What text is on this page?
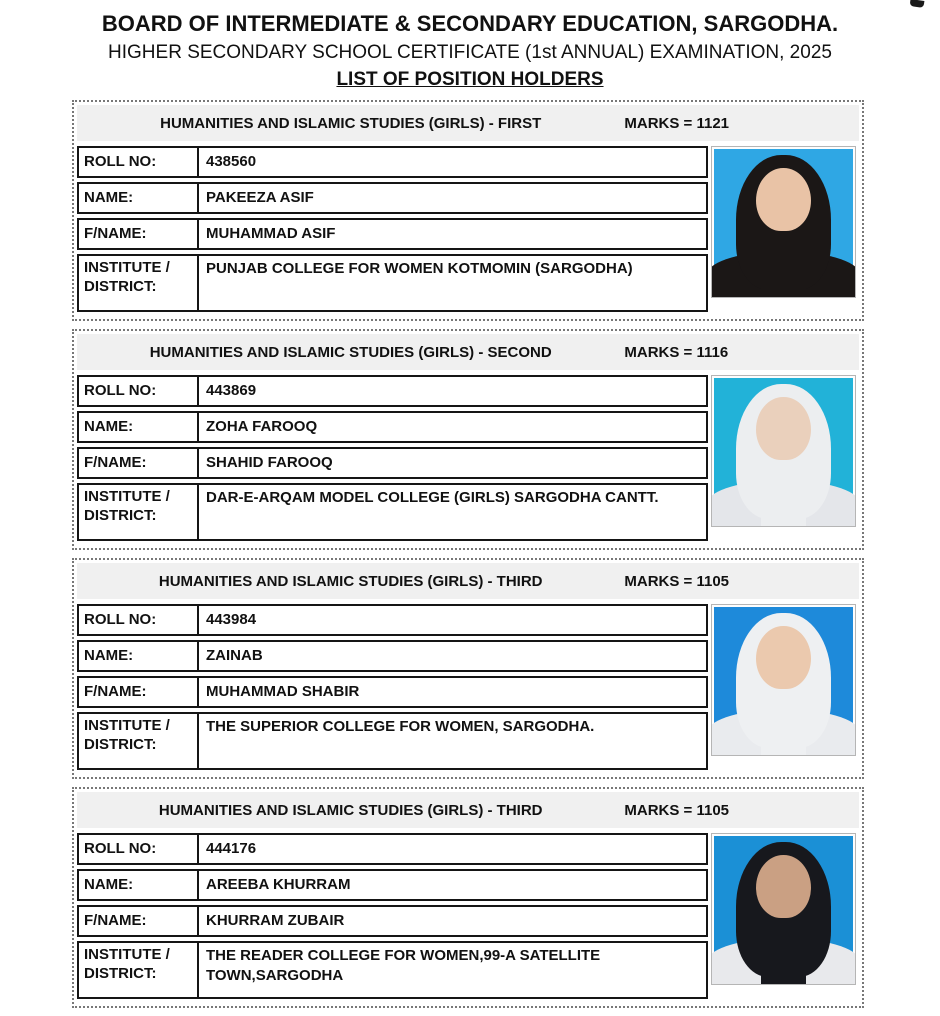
BOARD OF INTERMEDIATE & SECONDARY EDUCATION, SARGODHA.
HIGHER SECONDARY SCHOOL CERTIFICATE (1st ANNUAL) EXAMINATION, 2025
LIST OF POSITION HOLDERS
HUMANITIES AND ISLAMIC STUDIES (GIRLS) - FIRST	MARKS = 1121
ROLL NO:	438560
NAME:	PAKEEZA ASIF
F/NAME:	MUHAMMAD ASIF
INSTITUTE /
DISTRICT:
PUNJAB COLLEGE FOR WOMEN KOTMOMIN (SARGODHA)
HUMANITIES AND ISLAMIC STUDIES (GIRLS) - SECOND	MARKS = 1116
ROLL NO:	443869
NAME:	ZOHA FAROOQ
F/NAME:	SHAHID FAROOQ
INSTITUTE /
DISTRICT:
DAR-E-ARQAM MODEL COLLEGE (GIRLS) SARGODHA CANTT.
HUMANITIES AND ISLAMIC STUDIES (GIRLS) - THIRD	MARKS = 1105
ROLL NO:	443984
NAME:	ZAINAB
F/NAME:	MUHAMMAD SHABIR
INSTITUTE /
DISTRICT:
THE SUPERIOR COLLEGE FOR WOMEN, SARGODHA.
HUMANITIES AND ISLAMIC STUDIES (GIRLS) - THIRD	MARKS = 1105
ROLL NO:	444176
NAME:	AREEBA KHURRAM
F/NAME:	KHURRAM ZUBAIR
INSTITUTE /
DISTRICT:
THE READER COLLEGE FOR WOMEN,99-A SATELLITE TOWN,SARGODHA
